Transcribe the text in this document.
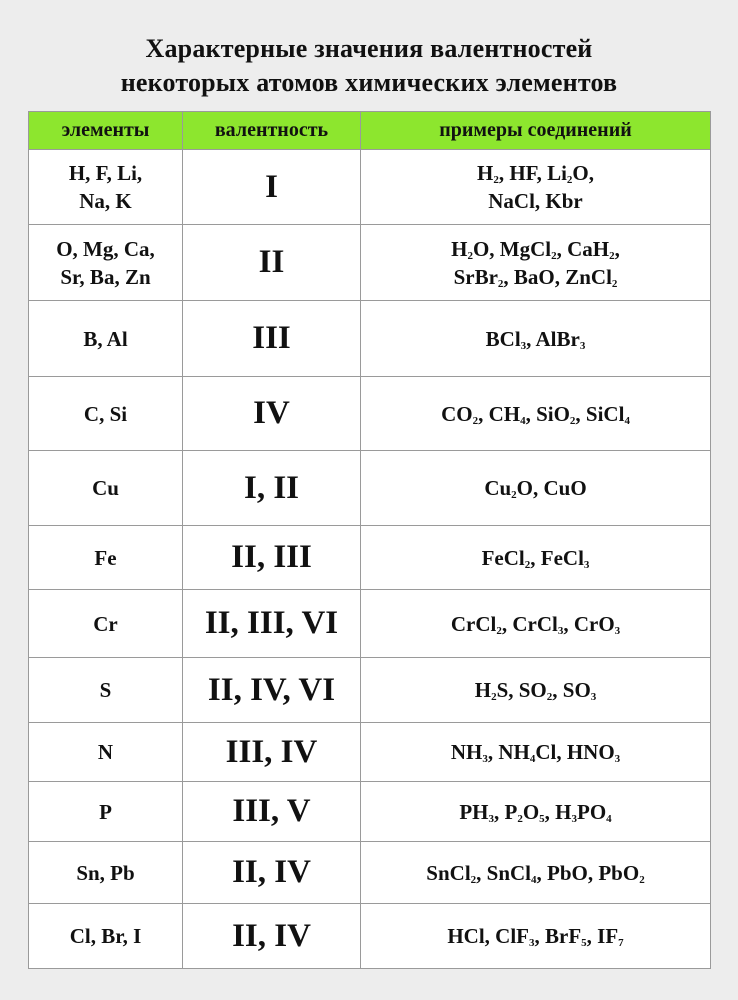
Характерные значения валентностей
некоторых атомов химических элементов
элементы	валентность	примеры соединений

H, F, Li,
Na, K	I	$H_2$, HF, $Li_2O$,
NaCl, Kbr

O, Mg, Ca,
Sr, Ba, Zn	II	$H_2O$, MgCl$_2$, CaH$_2$,
SrBr$_2$, BaO, ZnCl$_2$

B, Al	III	BCl$_3$, AlBr$_3$

C, Si	IV	$CO_2$, $CH_4$, SiO$_2$, SiCl$_4$

Cu	I, II	$Cu_2O$, CuO

Fe	II, III	FeCl$_2$, FeCl$_3$

Cr	II, III, VI	CrCl$_2$, CrCl$_3$, CrO$_3$

S	II, IV, VI	$H_2S$, $SO_2$, $SO_3$

N	III, IV	$NH_3$, $NH_4Cl$, $HNO_3$

P	III, V	$PH_3$, $P_2O_5$, $H_3PO_4$

Sn, Pb	II, IV	SnCl$_2$, SnCl$_4$, PbO, PbO$_2$

Cl, Br, I	II, IV	HCl, ClF$_3$, BrF$_5$, $IF_7$
